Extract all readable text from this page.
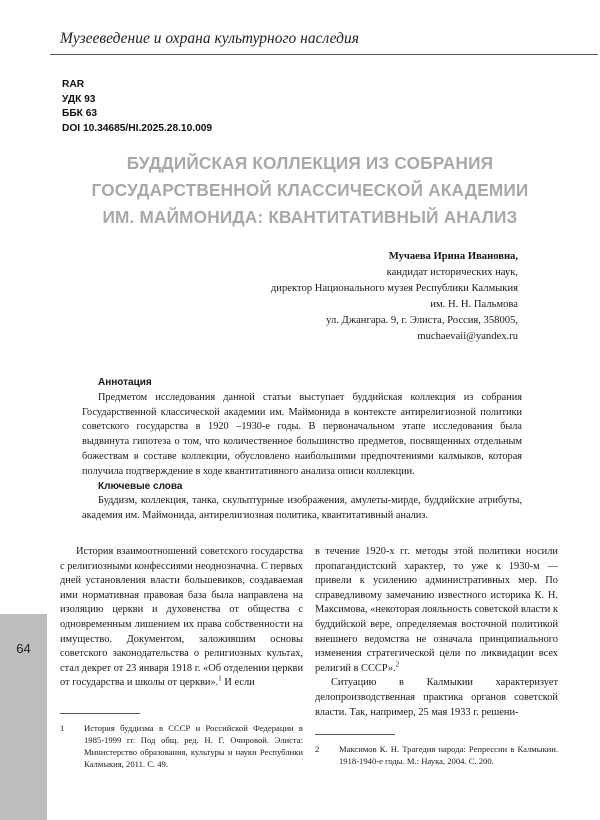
Музееведение и охрана культурного наследия
RAR
УДК 93
ББК 63
DOI 10.34685/HI.2025.28.10.009
БУДДИЙСКАЯ КОЛЛЕКЦИЯ ИЗ СОБРАНИЯ
ГОСУДАРСТВЕННОЙ КЛАССИЧЕСКОЙ АКАДЕМИИ
ИМ. МАЙМОНИДА: КВАНТИТАТИВНЫЙ АНАЛИЗ
Мучаева Ирина Ивановна,
кандидат исторических наук,
директор Национального музея Республики Калмыкия
им. Н. Н. Пальмова
ул. Джангара. 9, г. Элиста, Россия, 358005,
muchaevaii@yandex.ru
Аннотация
Предметом исследования данной статьи выступает буддийская коллекция из собрания Государственной классической академии им. Маймонида в контексте антирелигиозной политики советского государства в 1920 –1930-е годы. В первоначальном этапе исследования была выдвинута гипотеза о том, что количественное большинство предметов, посвященных отдельным божествам в составе коллекции, обусловлено наибольшими предпочтениями калмыков, которая получила подтверждение в ходе квантитативного анализа описи коллекции.
Ключевые слова
Буддизм, коллекция, танка, скульптурные изображения, амулеты-мирде, буддийские атрибуты, академия им. Маймонида, антирелигиозная политика, квантитативный анализ.

История взаимоотношений советского государства с религиозными конфессиями неоднозначна. С первых дней установления власти большевиков, создаваемая ими нормативная правовая база была направлена на изоляцию церкви и духовенства от общества с одновременным лишением их права собственности на имущество. Документом, заложившим основы советского законодательства о религиозных культах, стал декрет от 23 января 1918 г. «Об отделении церкви от государства и школы от церкви».$^1$ И если

1	История буддизма в СССР и Российской Федерации в 1985-1999 гг. Под общ. ред. Н. Г. Очировой. Элиста: Министерство образования, культуры и науки Республики Калмыкия, 2011. С. 49.

в течение 1920-х гг. методы этой политики носили пропагандистский характер, то уже к 1930-м — привели к усилению административных мер. По справедливому замечанию известного историка К. Н. Максимова, «некоторая лояльность советской власти к буддийской вере, определяемая восточной политикой внешнего ведомства не означала принципиального изменения стратегической цели по ликвидации всех религий в СССР».$^2$

Ситуацию в Калмыкии характеризует делопроизводственная практика органов советской власти. Так, например, 25 мая 1933 г. решени-

2	Максимов К. Н. Трагедия народа: Репрессии в Калмыкии. 1918-1940-е годы. М.: Наука, 2004. С. 200.
64
